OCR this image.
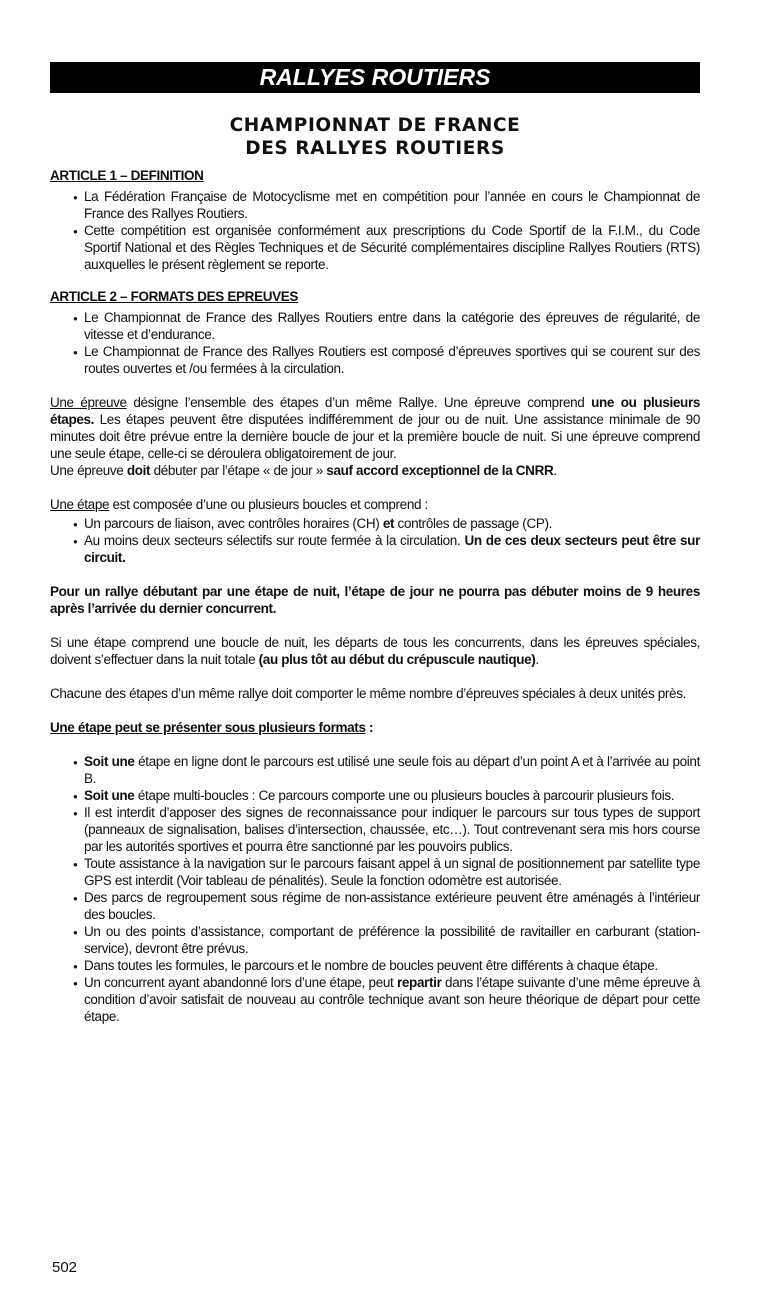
RALLYES ROUTIERS
CHAMPIONNAT DE FRANCE
DES RALLYES ROUTIERS
ARTICLE 1 – DEFINITION
● La Fédération Française de Motocyclisme met en compétition pour l’année en cours le Championnat de France des Rallyes Routiers.
● Cette compétition est organisée conformément aux prescriptions du Code Sportif de la F.I.M., du Code Sportif National et des Règles Techniques et de Sécurité complémentaires discipline Rallyes Routiers (RTS) auxquelles le présent règlement se reporte.
ARTICLE 2 – FORMATS DES EPREUVES
● Le Championnat de France des Rallyes Routiers entre dans la catégorie des épreuves de régularité, de vitesse et d’endurance.
● Le Championnat de France des Rallyes Routiers est composé d’épreuves sportives qui se courent sur des routes ouvertes et /ou fermées à la circulation.
Une épreuve désigne l’ensemble des étapes d’un même Rallye. Une épreuve comprend une ou plusieurs étapes. Les étapes peuvent être disputées indifféremment de jour ou de nuit. Une assistance minimale de 90 minutes doit être prévue entre la dernière boucle de jour et la première boucle de nuit. Si une épreuve comprend une seule étape, celle-ci se déroulera obligatoirement de jour.
Une épreuve doit débuter par l’étape « de jour » sauf accord exceptionnel de la CNRR.
Une étape est composée d’une ou plusieurs boucles et comprend :
● Un parcours de liaison, avec contrôles horaires (CH) et contrôles de passage (CP).
● Au moins deux secteurs sélectifs sur route fermée à la circulation. Un de ces deux secteurs peut être sur circuit.
Pour un rallye débutant par une étape de nuit, l’étape de jour ne pourra pas débuter moins de 9 heures après l’arrivée du dernier concurrent.
Si une étape comprend une boucle de nuit, les départs de tous les concurrents, dans les épreuves spéciales, doivent s’effectuer dans la nuit totale (au plus tôt au début du crépuscule nautique).
Chacune des étapes d’un même rallye doit comporter le même nombre d’épreuves spéciales à deux unités près.
Une étape peut se présenter sous plusieurs formats :
● Soit une étape en ligne dont le parcours est utilisé une seule fois au départ d’un point A et à l’arrivée au point B.
● Soit une étape multi-boucles : Ce parcours comporte une ou plusieurs boucles à parcourir plusieurs fois.
● Il est interdit d’apposer des signes de reconnaissance pour indiquer le parcours sur tous types de support (panneaux de signalisation, balises d’intersection, chaussée, etc…). Tout contrevenant sera mis hors course par les autorités sportives et pourra être sanctionné par les pouvoirs publics.
● Toute assistance à la navigation sur le parcours faisant appel à un signal de positionnement par satellite type GPS est interdit (Voir tableau de pénalités). Seule la fonction odomètre est autorisée.
● Des parcs de regroupement sous régime de non-assistance extérieure peuvent être aménagés à l’intérieur des boucles.
● Un ou des points d’assistance, comportant de préférence la possibilité de ravitailler en carburant (station-service), devront être prévus.
● Dans toutes les formules, le parcours et le nombre de boucles peuvent être différents à chaque étape.
● Un concurrent ayant abandonné lors d’une étape, peut repartir dans l’étape suivante d’une même épreuve à condition d’avoir satisfait de nouveau au contrôle technique avant son heure théorique de départ pour cette étape.
502
